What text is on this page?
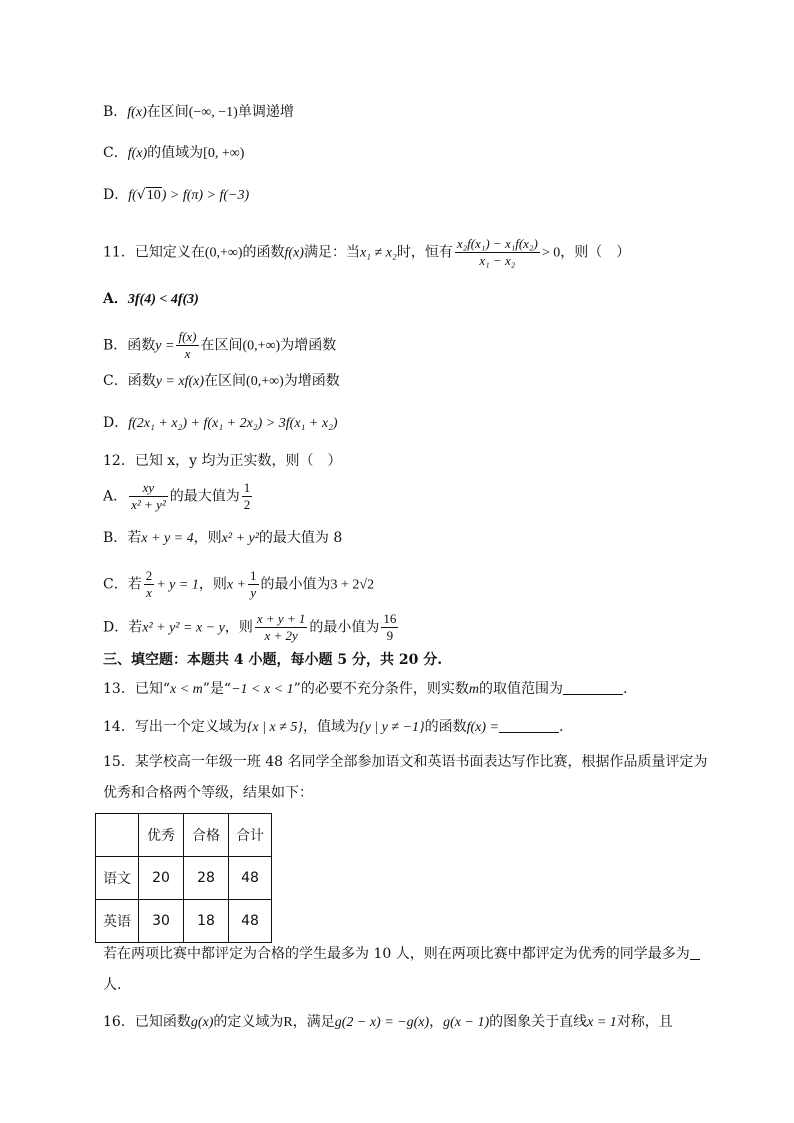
B．f(x)在区间(−∞, −1)单调递增
C．f(x)的值域为[0, +∞)
D．f(√10) > f(π) > f(−3)
11．已知定义在(0,+∞)的函数f(x)满足：当x₁ ≠ x₂时，恒有 $\frac{\text{x₂f(x₁) − x₁f(x₂)}}{\text{x₁ − x₂}} > 0$，则（　）
A．3f(4) < 4f(3)
B．函数$y = \frac{f(x)}{x}$ 在区间(0,+∞)为增函数
C．函数y = xf(x)在区间(0,+∞)为增函数
D．f(2x₁ + x₂) + f(x₁ + 2x₂) > 3f(x₁ + x₂)
12．已知 x，y 均为正实数，则（　）
A． $\frac{xy}{\text{x² + y²}}$ 的最大值为 $\frac{1}{2}$
B．若x + y = 4，则x² + y²的最大值为 8
C．若 $\frac{2}{x} + y = 1$，则$x + \frac{1}{y}$ 的最小值为3 + 2√2
D．若x² + y² = x − y，则 $\frac{x + y + 1}{x + 2y}$ 的最小值为 $\frac{16}{9}$
三、填空题：本题共 4 小题，每小题 5 分，共 20 分.
13．已知“x < m”是“−1 < x < 1”的必要不充分条件，则实数m的取值范围为	.
14．写出一个定义域为{x | x ≠ 5}，值域为{y | y ≠ −1}的函数f(x) =	.
15．某学校高一年级一班 48 名同学全部参加语文和英语书面表达写作比赛，根据作品质量评定为
优秀和合格两个等级，结果如下：
	优秀	合格	合计
语文	20	28	48
英语	30	18	48
若在两项比赛中都评定为合格的学生最多为 10 人，则在两项比赛中都评定为优秀的同学最多为
人.
16．已知函数g(x)的定义域为R，满足g(2 − x) = −g(x)，g(x − 1)的图象关于直线x = 1对称，且
